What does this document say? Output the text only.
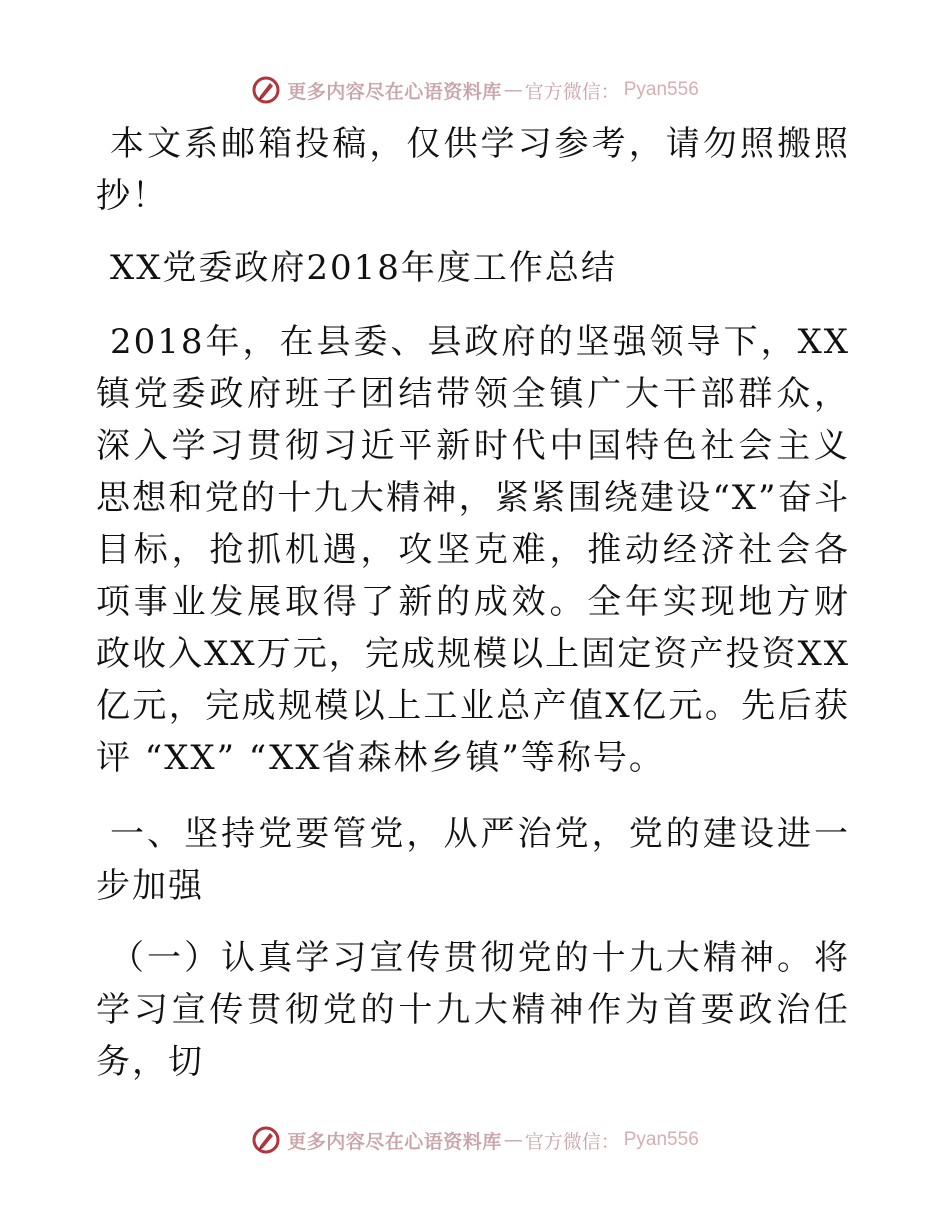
更多内容尽在心语资料库 — 官方微信： Pyan556

本文系邮箱投稿，仅供学习参考，请勿照搬照抄！

XX党委政府2018年度工作总结

2018年，在县委、县政府的坚强领导下，XX镇党委政府班子团结带领全镇广大干部群众，深入学习贯彻习近平新时代中国特色社会主义思想和党的十九大精神，紧紧围绕建设“X”奋斗目标，抢抓机遇，攻坚克难，推动经济社会各项事业发展取得了新的成效。全年实现地方财政收入XX万元，完成规模以上固定资产投资XX亿元，完成规模以上工业总产值X亿元。先后获评 “XX” “XX省森林乡镇”等称号。

一、坚持党要管党，从严治党，党的建设进一步加强

（一）认真学习宣传贯彻党的十九大精神。将学习宣传贯彻党的十九大精神作为首要政治任务，切

更多内容尽在心语资料库 — 官方微信： Pyan556
